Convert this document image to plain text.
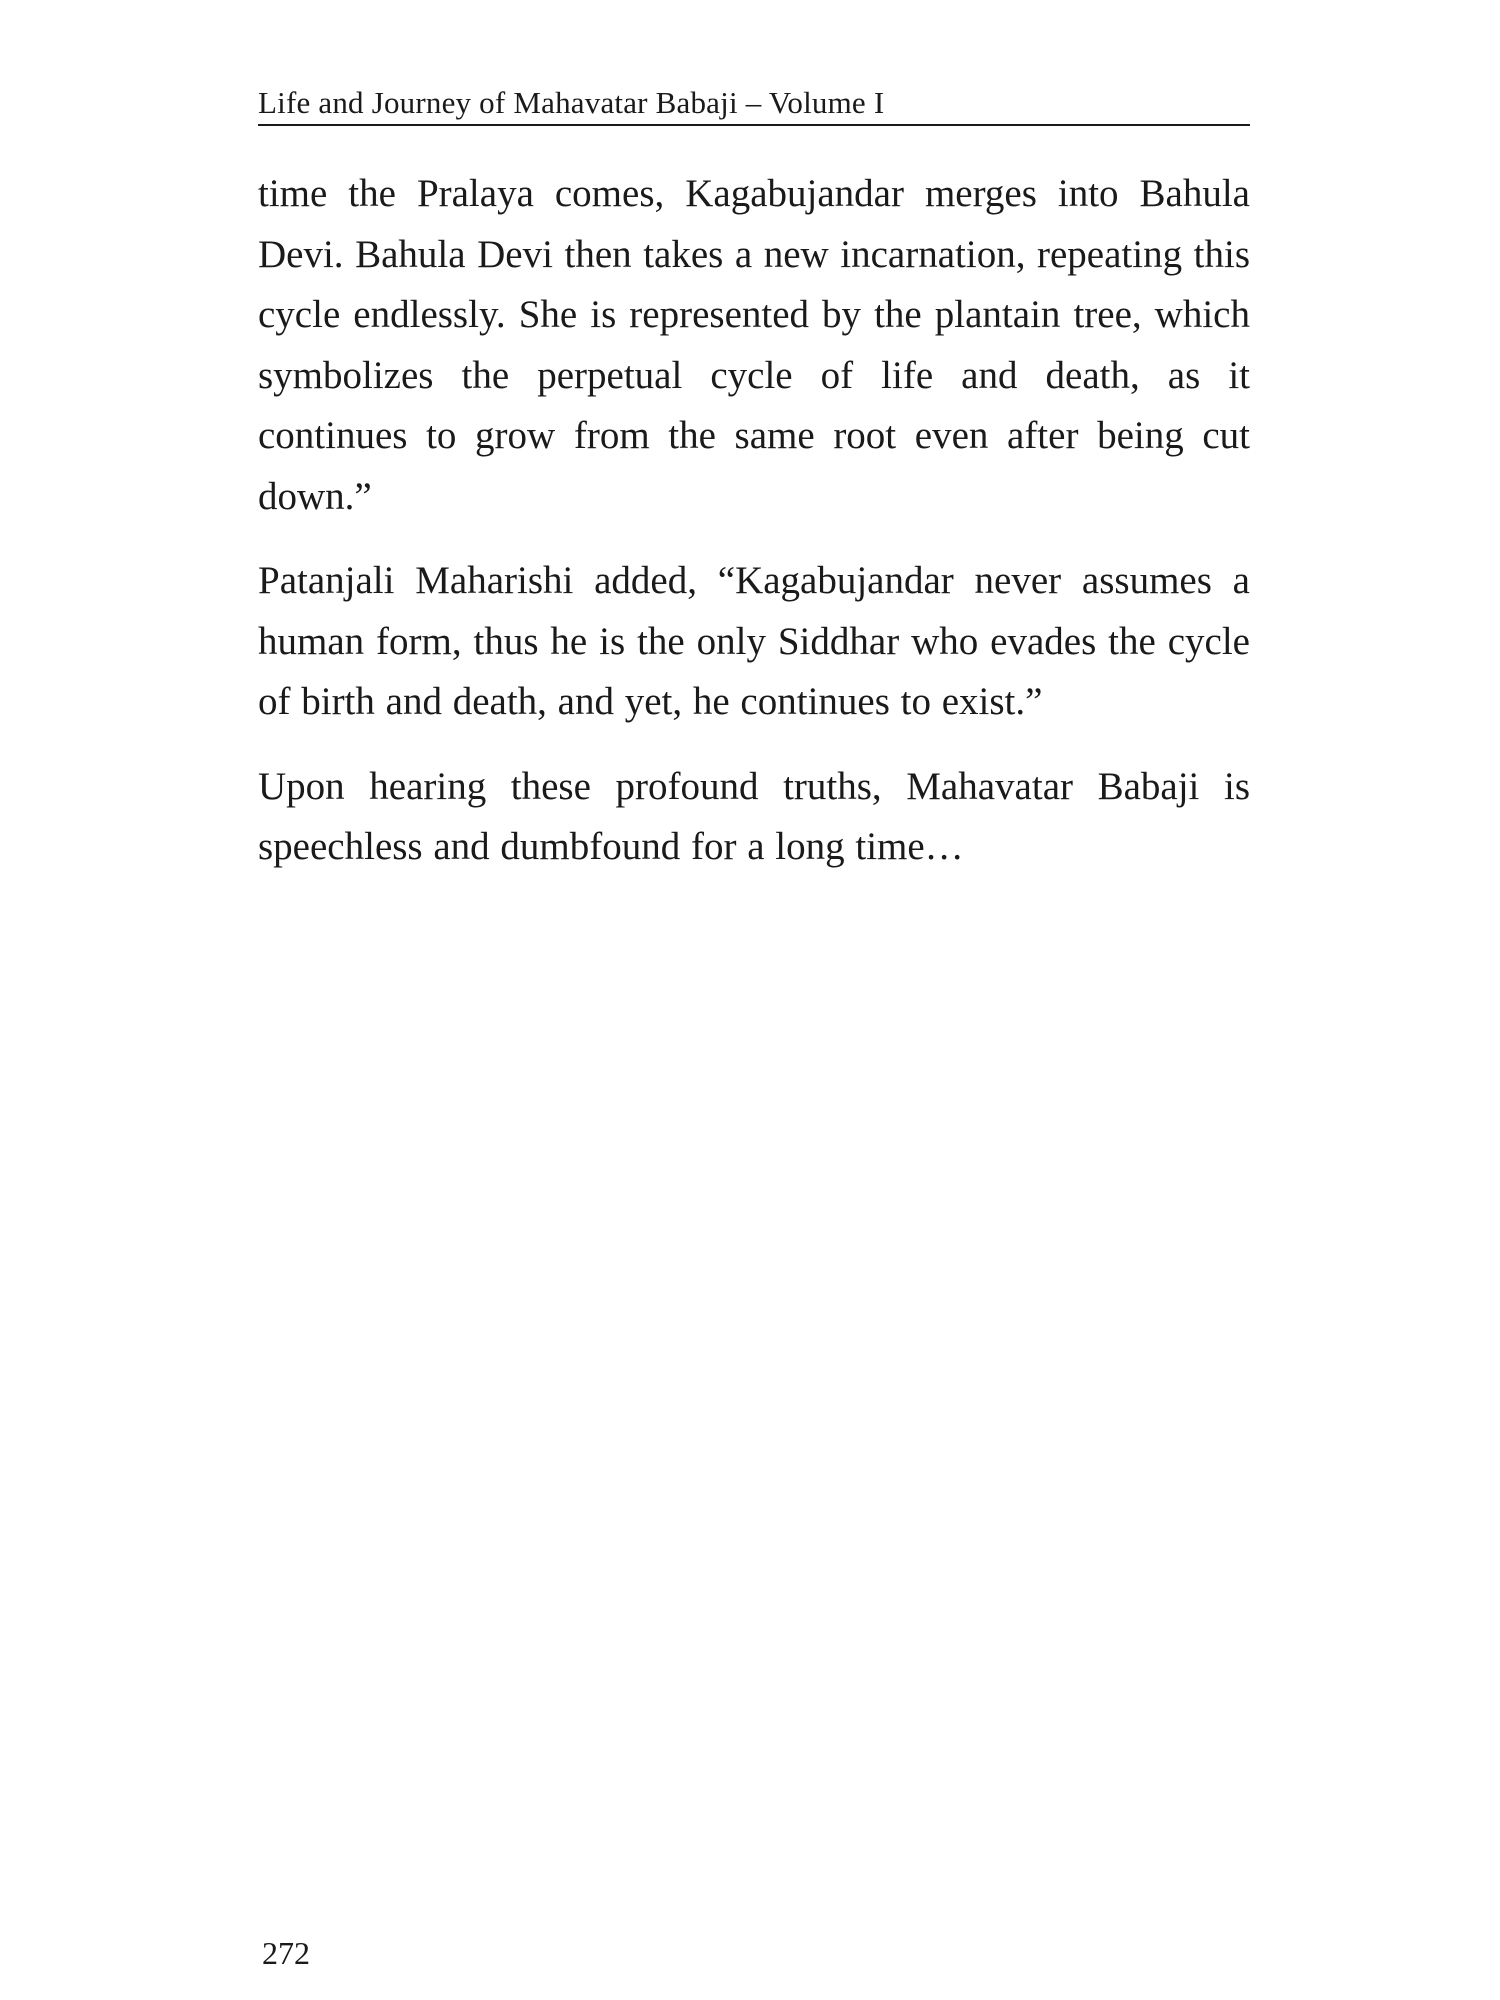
Life and Journey of Mahavatar Babaji – Volume I

time the Pralaya comes, Kagabujandar merges into Bahula Devi. Bahula Devi then takes a new incarnation, repeating this cycle endlessly. She is represented by the plantain tree, which symbolizes the perpetual cycle of life and death, as it continues to grow from the same root even after being cut down.”

Patanjali Maharishi added, “Kagabujandar never assumes a human form, thus he is the only Siddhar who evades the cycle of birth and death, and yet, he continues to exist.”

Upon hearing these profound truths, Mahavatar Babaji is speechless and dumbfound for a long time…

272
